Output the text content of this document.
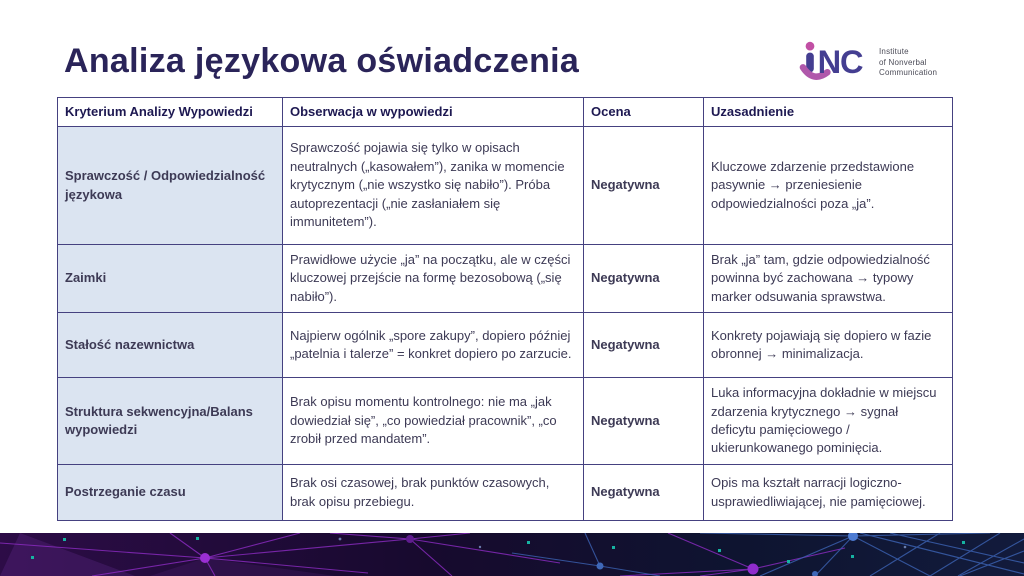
Analiza językowa oświadczenia	NC Institute
of Nonverbal
Communication
Kryterium Analizy Wypowiedzi	Obserwacja w wypowiedzi	Ocena	Uzasadnienie
Sprawczość / Odpowiedzialność językowa	Sprawczość pojawia się tylko w opisach neutralnych („kasowałem”), zanika w momencie krytycznym („nie wszystko się nabiło”). Próba autoprezentacji („nie zasłaniałem się immunitetem”).	Negatywna	Kluczowe zdarzenie przedstawione pasywnie → przeniesienie odpowiedzialności poza „ja”.
Zaimki	Prawidłowe użycie „ja” na początku, ale w części kluczowej przejście na formę bezosobową („się nabiło”).	Negatywna	Brak „ja” tam, gdzie odpowiedzialność powinna być zachowana → typowy marker odsuwania sprawstwa.
Stałość nazewnictwa	Najpierw ogólnik „spore zakupy”, dopiero później „patelnia i talerze” = konkret dopiero po zarzucie.	Negatywna	Konkrety pojawiają się dopiero w fazie obronnej → minimalizacja.
Struktura sekwencyjna/Balans wypowiedzi	Brak opisu momentu kontrolnego: nie ma „jak dowiedział się”, „co powiedział pracownik”, „co zrobił przed mandatem”.	Negatywna	Luka informacyjna dokładnie w miejscu zdarzenia krytycznego → sygnał deficytu pamięciowego / ukierunkowanego pominięcia.
Postrzeganie czasu	Brak osi czasowej, brak punktów czasowych, brak opisu przebiegu.	Negatywna	Opis ma kształt narracji logiczno-usprawiedliwiającej, nie pamięciowej.
